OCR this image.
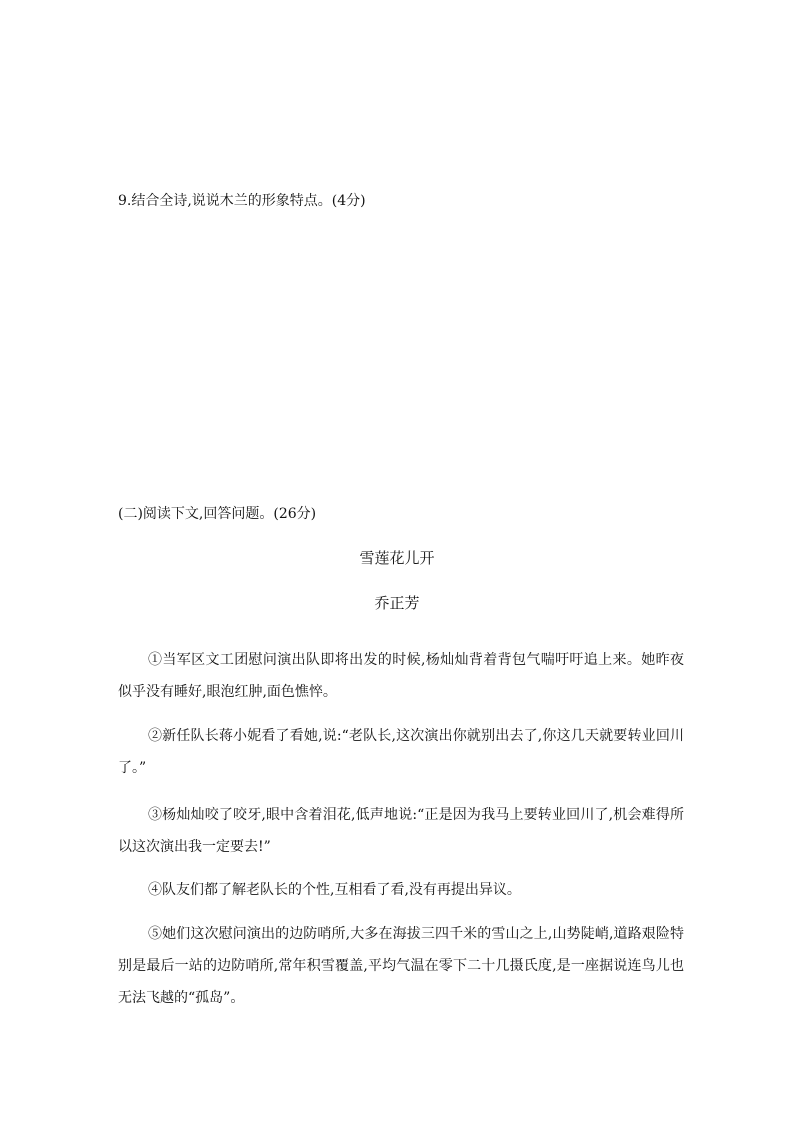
9.结合全诗,说说木兰的形象特点。(4分)
(二)阅读下文,回答问题。(26分)
雪莲花儿开
乔正芳

①当军区文工团慰问演出队即将出发的时候,杨灿灿背着背包气喘吁吁追上来。她昨夜似乎没有睡好,眼泡红肿,面色憔悴。

②新任队长蒋小妮看了看她,说:“老队长,这次演出你就别出去了,你这几天就要转业回川了。”

③杨灿灿咬了咬牙,眼中含着泪花,低声地说:“正是因为我马上要转业回川了,机会难得所以这次演出我一定要去!”

④队友们都了解老队长的个性,互相看了看,没有再提出异议。

⑤她们这次慰问演出的边防哨所,大多在海拔三四千米的雪山之上,山势陡峭,道路艰险特别是最后一站的边防哨所,常年积雪覆盖,平均气温在零下二十几摄氏度,是一座据说连鸟儿也无法飞越的“孤岛”。
